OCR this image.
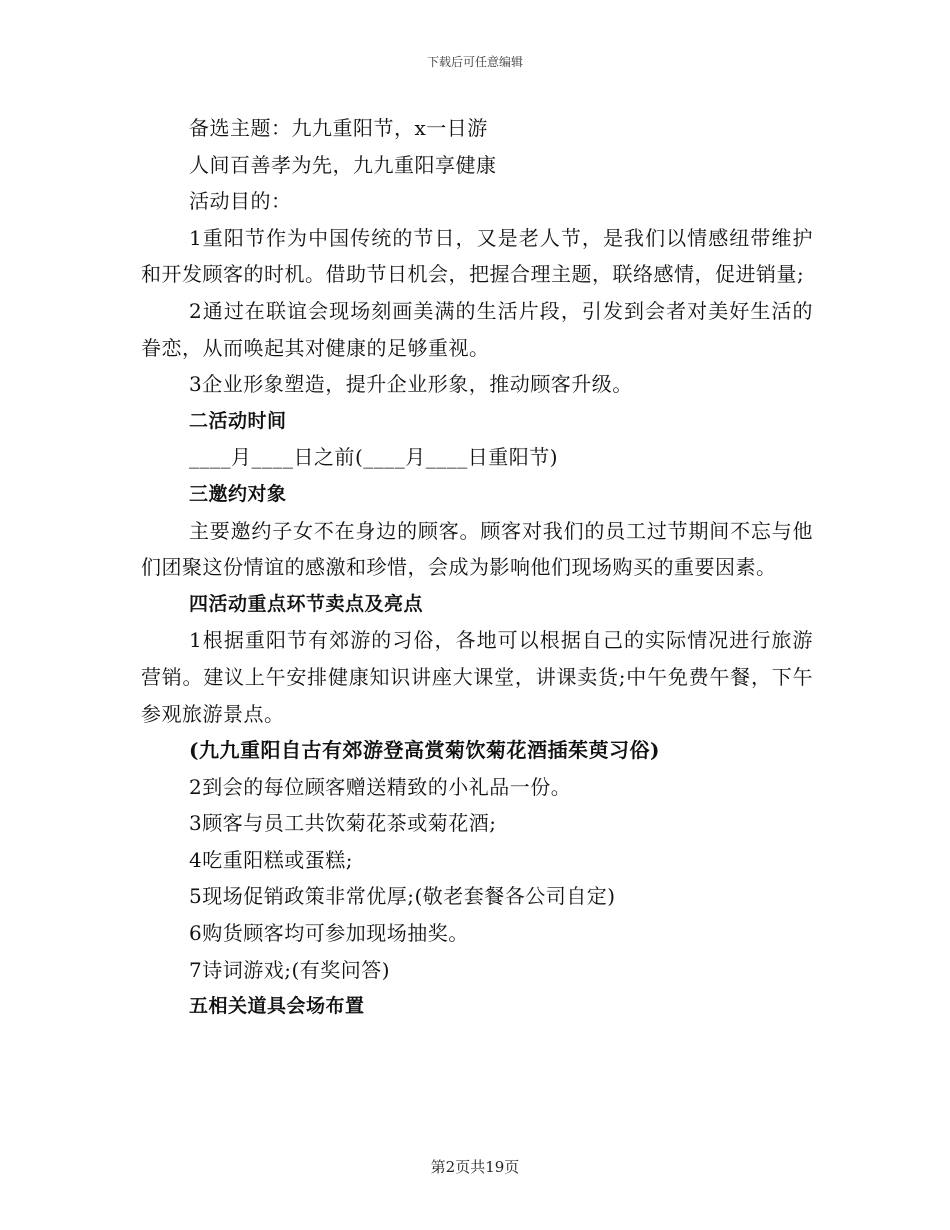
下载后可任意编辑

备选主题：九九重阳节，x一日游

人间百善孝为先，九九重阳享健康

活动目的：

1重阳节作为中国传统的节日，又是老人节，是我们以情感纽带维护和开发顾客的时机。借助节日机会，把握合理主题，联络感情，促进销量;

2通过在联谊会现场刻画美满的生活片段，引发到会者对美好生活的眷恋，从而唤起其对健康的足够重视。

3企业形象塑造，提升企业形象，推动顾客升级。

二活动时间

____月____日之前(____月____日重阳节)

三邀约对象

主要邀约子女不在身边的顾客。顾客对我们的员工过节期间不忘与他们团聚这份情谊的感激和珍惜，会成为影响他们现场购买的重要因素。

四活动重点环节卖点及亮点

1根据重阳节有郊游的习俗，各地可以根据自己的实际情况进行旅游营销。建议上午安排健康知识讲座大课堂，讲课卖货;中午免费午餐，下午参观旅游景点。

(九九重阳自古有郊游登高赏菊饮菊花酒插茱萸习俗)

2到会的每位顾客赠送精致的小礼品一份。

3顾客与员工共饮菊花茶或菊花酒;

4吃重阳糕或蛋糕;

5现场促销政策非常优厚;(敬老套餐各公司自定)

6购货顾客均可参加现场抽奖。

7诗词游戏;(有奖问答)

五相关道具会场布置

第2页共19页
